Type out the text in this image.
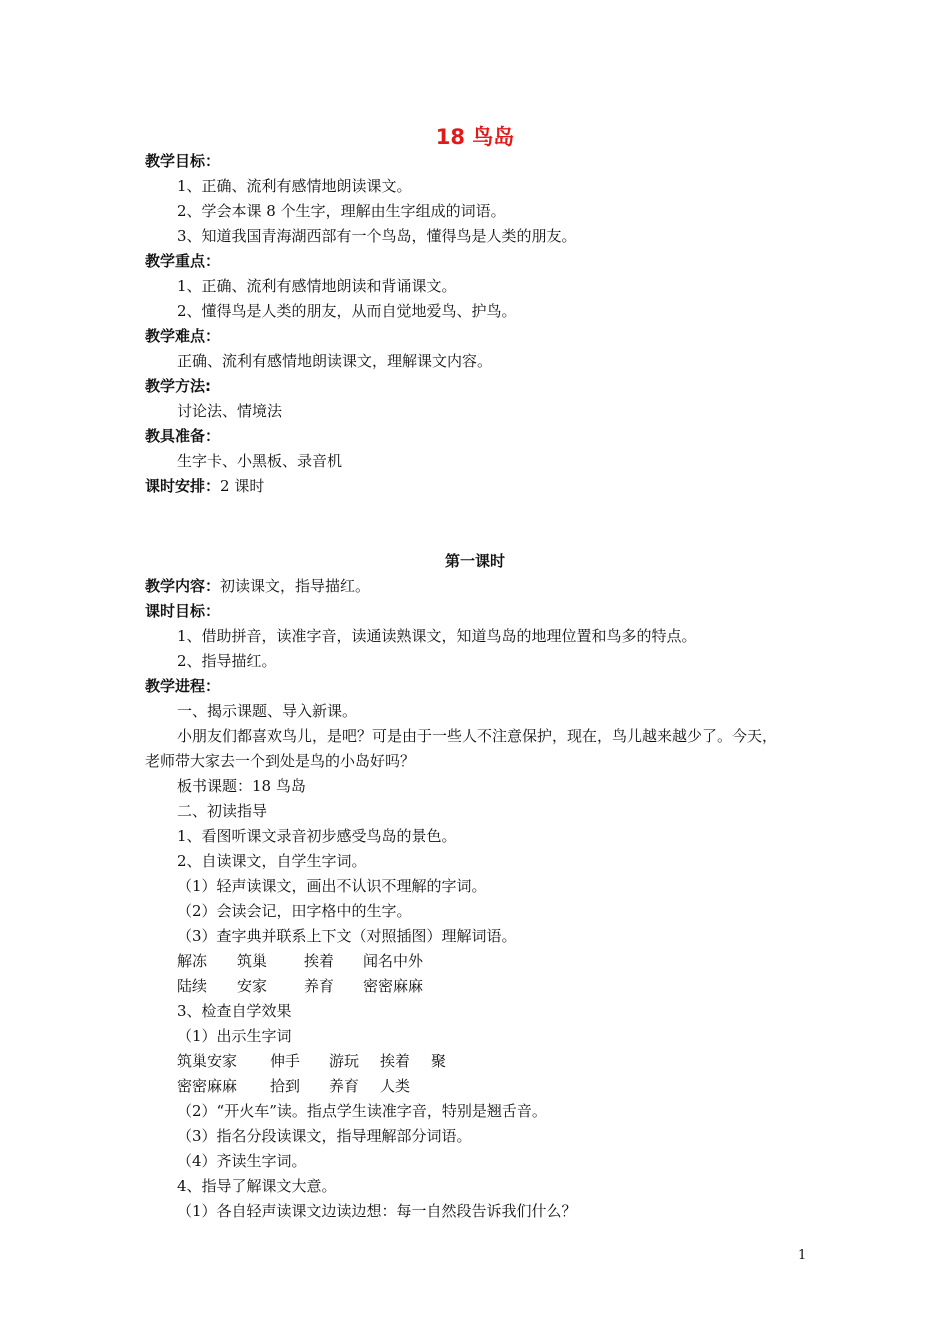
18 鸟岛
教学目标：
1、正确、流利有感情地朗读课文。
2、学会本课 8 个生字，理解由生字组成的词语。
3、知道我国青海湖西部有一个鸟岛，懂得鸟是人类的朋友。
教学重点：
1、正确、流利有感情地朗读和背诵课文。
2、懂得鸟是人类的朋友，从而自觉地爱鸟、护鸟。
教学难点：
正确、流利有感情地朗读课文，理解课文内容。
教学方法:
讨论法、情境法
教具准备：
生字卡、小黑板、录音机
课时安排：2 课时
第一课时
教学内容：初读课文，指导描红。
课时目标：
1、借助拼音，读准字音，读通读熟课文，知道鸟岛的地理位置和鸟多的特点。
2、指导描红。
教学进程：
一、揭示课题、导入新课。
小朋友们都喜欢鸟儿，是吧？可是由于一些人不注意保护，现在，鸟儿越来越少了。今天，
老师带大家去一个到处是鸟的小岛好吗？
板书课题：18 鸟岛
二、初读指导
1、看图听课文录音初步感受鸟岛的景色。
2、自读课文，自学生字词。
（1）轻声读课文，画出不认识不理解的字词。
（2）会读会记，田字格中的生字。
（3）查字典并联系上下文（对照插图）理解词语。
解冻 筑巢 挨着 闻名中外
陆续 安家 养育 密密麻麻
3、检查自学效果
（1）出示生字词
筑巢安家 伸手 游玩 挨着 聚
密密麻麻 拾到 养育 人类
（2）“开火车”读。指点学生读准字音，特别是翘舌音。
（3）指名分段读课文，指导理解部分词语。
（4）齐读生字词。
4、指导了解课文大意。
（1）各自轻声读课文边读边想：每一自然段告诉我们什么？
1
